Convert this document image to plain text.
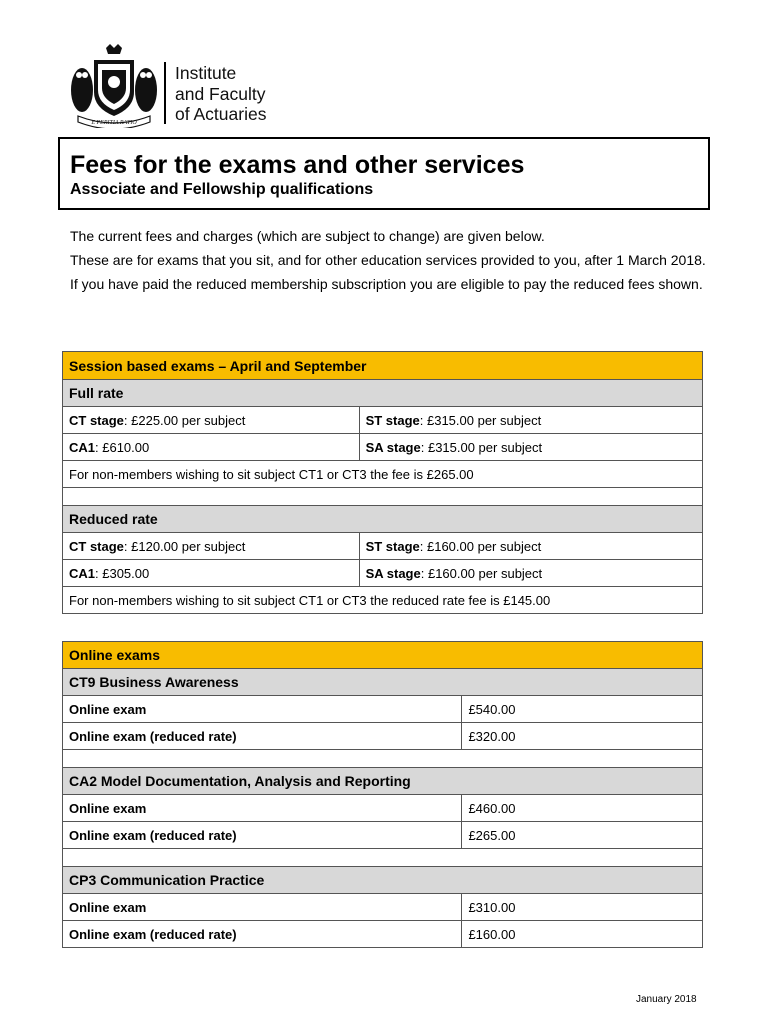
E PERITIA RATIO
Institute
and Faculty
of Actuaries
Fees for the exams and other services
Associate and Fellowship qualifications

The current fees and charges (which are subject to change) are given below.

These are for exams that you sit, and for other education services provided to you, after 1 March 2018.

If you have paid the reduced membership subscription you are eligible to pay the reduced fees shown.

Session based exams – April and September	
Full rate	
CT stage: £225.00 per subject	ST stage: £315.00 per subject
CA1: £610.00	SA stage: £315.00 per subject
For non-members wishing to sit subject CT1 or CT3 the fee is £265.00	

Reduced rate	
CT stage: £120.00 per subject	ST stage: £160.00 per subject
CA1: £305.00	SA stage: £160.00 per subject
For non-members wishing to sit subject CT1 or CT3 the reduced rate fee is £145.00	
Online exams	
CT9 Business Awareness	
Online exam	£540.00
Online exam (reduced rate)	£320.00

CA2 Model Documentation, Analysis and Reporting	
Online exam	£460.00
Online exam (reduced rate)	£265.00

CP3 Communication Practice	
Online exam	£310.00
Online exam (reduced rate)	£160.00
January 2018
